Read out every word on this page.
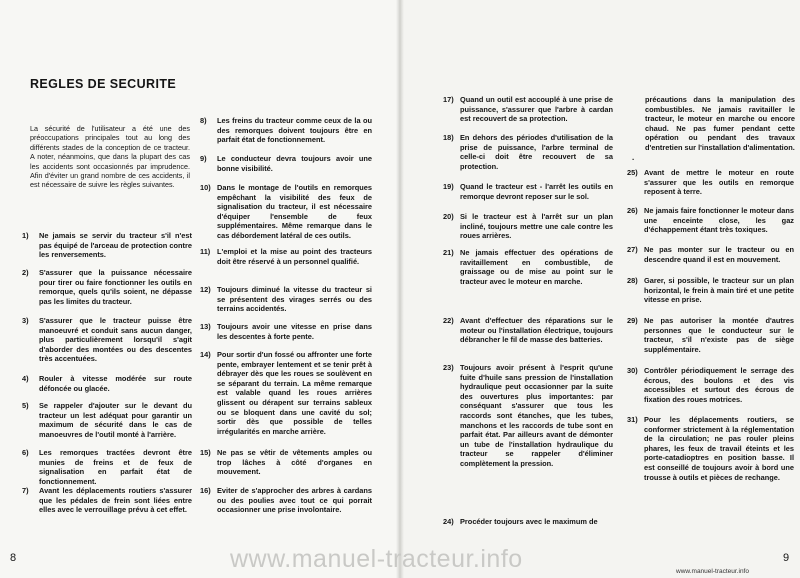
REGLES DE SECURITE
La sécurité de l'utilisateur a été une des préoccupations principales tout au long des différents stades de la conception de ce tracteur. A noter, néanmoins, que dans la plupart des cas les accidents sont occasionnés par imprudence. Afin d'éviter un grand nombre de ces accidents, il est nécessaire de suivre les règles suivantes.
1)	Ne jamais se servir du tracteur s'il n'est pas équipé de l'arceau de protection contre les renversements.
2)	S'assurer que la puissance nécessaire pour tirer ou faire fonctionner les outils en remorque, quels qu'ils soient, ne dépasse pas les limites du tracteur.
3)	S'assurer que le tracteur puisse être manoeuvré et conduit sans aucun danger, plus particulièrement lorsqu'il s'agit d'aborder des montées ou des descentes très accentuées.
4)	Rouler à vitesse modérée sur route défoncée ou glacée.
5)	Se rappeler d'ajouter sur le devant du tracteur un lest adéquat pour garantir un maximum de sécurité dans le cas de manoeuvres de l'outil monté à l'arrière.
6)	Les remorques tractées devront être munies de freins et de feux de signalisation en parfait état de fonctionnement.
7)	Avant les déplacements routiers s'assurer que les pédales de frein sont liées entre elles avec le verrouillage prévu à cet effet.
8)	Les freins du tracteur comme ceux de la ou des remorques doivent toujours être en parfait état de fonctionnement.
9)	Le conducteur devra toujours avoir une bonne visibilité.
10) Dans le montage de l'outils en remorques empêchant la visibilité des feux de signalisation du tracteur, il est nécessaire d'équiper l'ensemble de feux supplémentaires. Même remarque dans le cas débordement latéral de ces outils.
11) L'emploi et la mise au point des tracteurs doit être réservé à un personnel qualifié.
12) Toujours diminué la vitesse du tracteur si se présentent des virages serrés ou des terrains accidentés.
13) Toujours avoir une vitesse en prise dans les descentes à forte pente.
14) Pour sortir d'un fossé ou affronter une forte pente, embrayer lentement et se tenir prêt à débrayer dès que les roues se soulèvent en se séparant du terrain. La même remarque est valable quand les roues arrières glissent ou dérapent sur terrains sableux ou se bloquent dans une cavité du sol; sortir dès que possible de telles irrégularités en marche arrière.
15) Ne pas se vêtir de vêtements amples ou trop lâches à côté d'organes en mouvement.
16) Eviter de s'approcher des arbres à cardans ou des poulies avec tout ce qui porrait occasionner une prise involontaire.
17) Quand un outil est accouplé à une prise de puissance, s'assurer que l'arbre à cardan est recouvert de sa protection.
18) En dehors des périodes d'utilisation de la prise de puissance, l'arbre terminal de celle-ci doit être recouvert de sa protection.
19) Quand le tracteur est - l'arrêt les outils en remorque devront reposer sur le sol.
20) Si le tracteur est à l'arrêt sur un plan incliné, toujours mettre une cale contre les roues arrières.
21) Ne jamais effectuer des opérations de ravitaillement en combustible, de graissage ou de mise au point sur le tracteur avec le moteur en marche.
22) Avant d'effectuer des réparations sur le moteur ou l'installation électrique, toujours débrancher le fil de masse des batteries.
23) Toujours avoir présent à l'esprit qu'une fuite d'huile sans pression de l'installation hydraulique peut occasionner par la suite des ouvertures plus importantes: par conséquant s'assurer que tous les raccords sont étanches, que les tubes, manchons et les raccords de tube sont en parfait état. Par ailleurs avant de démonter un tube de l'installation hydraulique du tracteur se rappeler d'éliminer complètement la pression.
24) Procéder toujours avec le maximum de
précautions dans la manipulation des combustibles. Ne jamais ravitailler le tracteur, le moteur en marche ou encore chaud. Ne pas fumer pendant cette opération ou pendant des travaux d'entretien sur l'installation d'alimentation.
.
25) Avant de mettre le moteur en route s'assurer que les outils en remorque reposent à terre.
26) Ne jamais faire fonctionner le moteur dans une enceinte close, les gaz d'échappement étant très toxiques.
27) Ne pas monter sur le tracteur ou en descendre quand il est en mouvement.
28) Garer, si possible, le tracteur sur un plan horizontal, le frein à main tiré et une petite vitesse en prise.
29) Ne pas autoriser la montée d'autres personnes que le conducteur sur le tracteur, s'il n'existe pas de siège supplémentaire.
30) Contrôler périodiquement le serrage des écrous, des boulons et des vis accessibles et surtout des écrous de fixation des roues motrices.
31) Pour les déplacements routiers, se conformer strictement à la réglementation de la circulation; ne pas rouler pleins phares, les feux de travail éteints et les porte-catadioptres en position basse. Il est conseillé de toujours avoir à bord une trousse à outils et pièces de rechange.
8	9
www.manuel-tracteur.info	www.manuel-tracteur.info
